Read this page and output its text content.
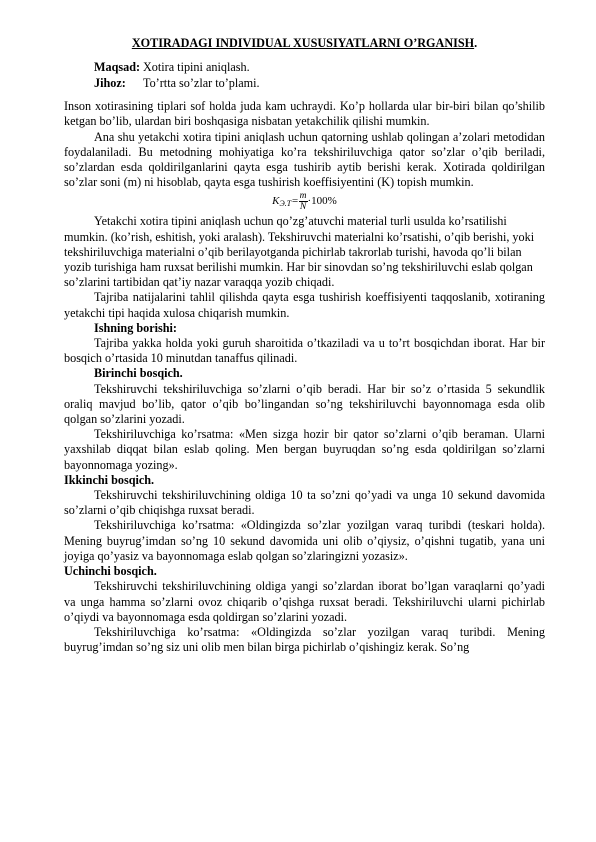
XOTIRADAGI INDIVIDUAL XUSUSIYATLARNI O’RGANISH.
Maqsad: Xotira tipini aniqlash.
Jihoz:	To’rtta so’zlar to’plami.

Inson xotirasining tiplari sof holda juda kam uchraydi. Ko’p hollarda ular bir-biri bilan qo’shilib ketgan bo’lib, ulardan biri boshqasiga nisbatan yetakchilik qilishi mumkin.

Ana shu yetakchi xotira tipini aniqlash uchun qatorning ushlab qolingan a’zolari metodidan foydalaniladi. Bu metodning mohiyatiga ko’ra tekshiriluvchiga qator so’zlar o’qib beriladi, so’zlardan esda qoldirilganlarini qayta esga tushirib aytib berishi kerak. Xotirada qoldirilgan so’zlar soni (m) ni hisoblab, qayta esga tushirish koeffisiyentini (K) topish mumkin.

$K_{Э.Т}= \frac{m}{N} \cdot 100\%$

Yetakchi xotira tipini aniqlash uchun qo’zg’atuvchi material turli usulda ko’rsatilishi mumkin. (ko’rish, eshitish, yoki aralash). Tekshiruvchi materialni ko’rsatishi, o’qib berishi, yoki tekshiriluvchiga materialni o’qib berilayotganda pichirlab takrorlab turishi, havoda qo’li bilan yozib turishiga ham ruxsat berilishi mumkin. Har bir sinovdan so’ng tekshiriluvchi eslab qolgan so’zlarini tartibidan qat’iy nazar varaqqa yozib chiqadi.

Tajriba natijalarini tahlil qilishda qayta esga tushirish koeffisiyenti taqqoslanib, xotiraning yetakchi tipi haqida xulosa chiqarish mumkin.

Ishning borishi:

Tajriba yakka holda yoki guruh sharoitida o’tkaziladi va u to’rt bosqichdan iborat. Har bir bosqich o’rtasida 10 minutdan tanaffus qilinadi.

Birinchi bosqich.

Tekshiruvchi tekshiriluvchiga so’zlarni o’qib beradi. Har bir so’z o’rtasida 5 sekundlik oraliq mavjud bo’lib, qator o’qib bo’lingandan so’ng tekshiriluvchi bayonnomaga esda olib qolgan so’zlarini yozadi.

Tekshiriluvchiga ko’rsatma: «Men sizga hozir bir qator so’zlarni o’qib beraman. Ularni yaxshilab diqqat bilan eslab qoling. Men bergan buyruqdan so’ng esda qoldirilgan so’zlarni bayonnomaga yozing».

Ikkinchi bosqich.

Tekshiruvchi tekshiriluvchining oldiga 10 ta so’zni qo’yadi va unga 10 sekund davomida so’zlarni o’qib chiqishga ruxsat beradi.

Tekshiriluvchiga ko’rsatma: «Oldingizda so’zlar yozilgan varaq turibdi (teskari holda). Mening buyrug’imdan so’ng 10 sekund davomida uni olib o’qiysiz, o’qishni tugatib, yana uni joyiga qo’yasiz va bayonnomaga eslab qolgan so’zlaringizni yozasiz».

Uchinchi bosqich.

Tekshiruvchi tekshiriluvchining oldiga yangi so’zlardan iborat bo’lgan varaqlarni qo’yadi va unga hamma so’zlarni ovoz chiqarib o’qishga ruxsat beradi. Tekshiriluvchi ularni pichirlab o’qiydi va bayonnomaga esda qoldirgan so’zlarini yozadi.

Tekshiriluvchiga ko’rsatma: «Oldingizda so’zlar yozilgan varaq turibdi. Mening buyrug’imdan so’ng siz uni olib men bilan birga pichirlab o’qishingiz kerak. So’ng
